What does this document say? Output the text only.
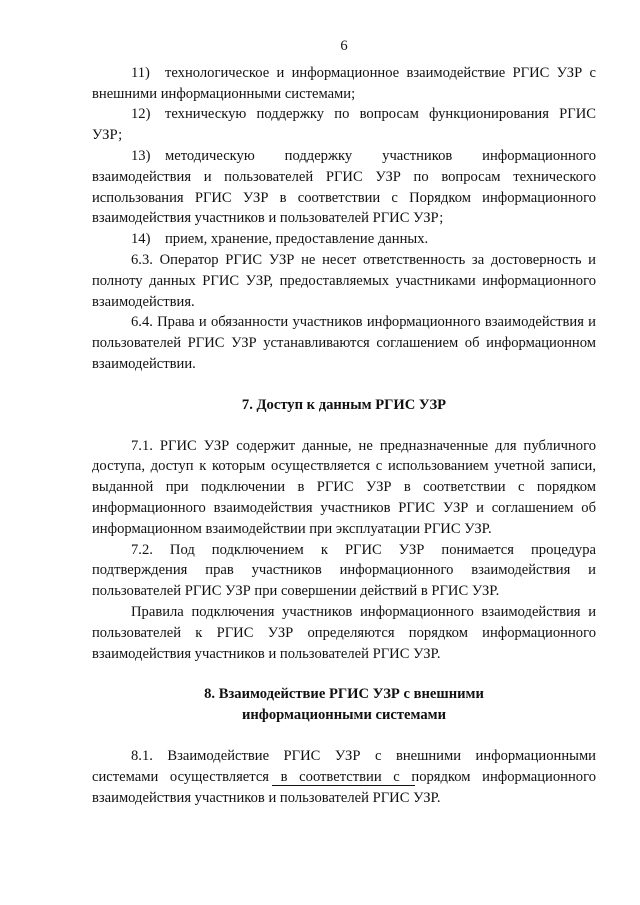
6

11) технологическое и информационное взаимодействие РГИС УЗР с внешними информационными системами;

12) техническую поддержку по вопросам функционирования РГИС УЗР;

13) методическую поддержку участников информационного взаимодействия и пользователей РГИС УЗР по вопросам технического использования РГИС УЗР в соответствии с Порядком информационного взаимодействия участников и пользователей РГИС УЗР;

14) прием, хранение, предоставление данных.

6.3. Оператор РГИС УЗР не несет ответственность за достоверность и полноту данных РГИС УЗР, предоставляемых участниками информационного взаимодействия.

6.4. Права и обязанности участников информационного взаимодействия и пользователей РГИС УЗР устанавливаются соглашением об информационном взаимодействии.

7. Доступ к данным РГИС УЗР

7.1. РГИС УЗР содержит данные, не предназначенные для публичного доступа, доступ к которым осуществляется с использованием учетной записи, выданной при подключении в РГИС УЗР в соответствии с порядком информационного взаимодействия участников РГИС УЗР и соглашением об информационном взаимодействии при эксплуатации РГИС УЗР.

7.2. Под подключением к РГИС УЗР понимается процедура подтверждения прав участников информационного взаимодействия и пользователей РГИС УЗР при совершении действий в РГИС УЗР.

Правила подключения участников информационного взаимодействия и пользователей к РГИС УЗР определяются порядком информационного взаимодействия участников и пользователей РГИС УЗР.

8. Взаимодействие РГИС УЗР с внешними
информационными системами

8.1. Взаимодействие РГИС УЗР с внешними информационными системами осуществляется в соответствии с порядком информационного взаимодействия участников и пользователей РГИС УЗР.
